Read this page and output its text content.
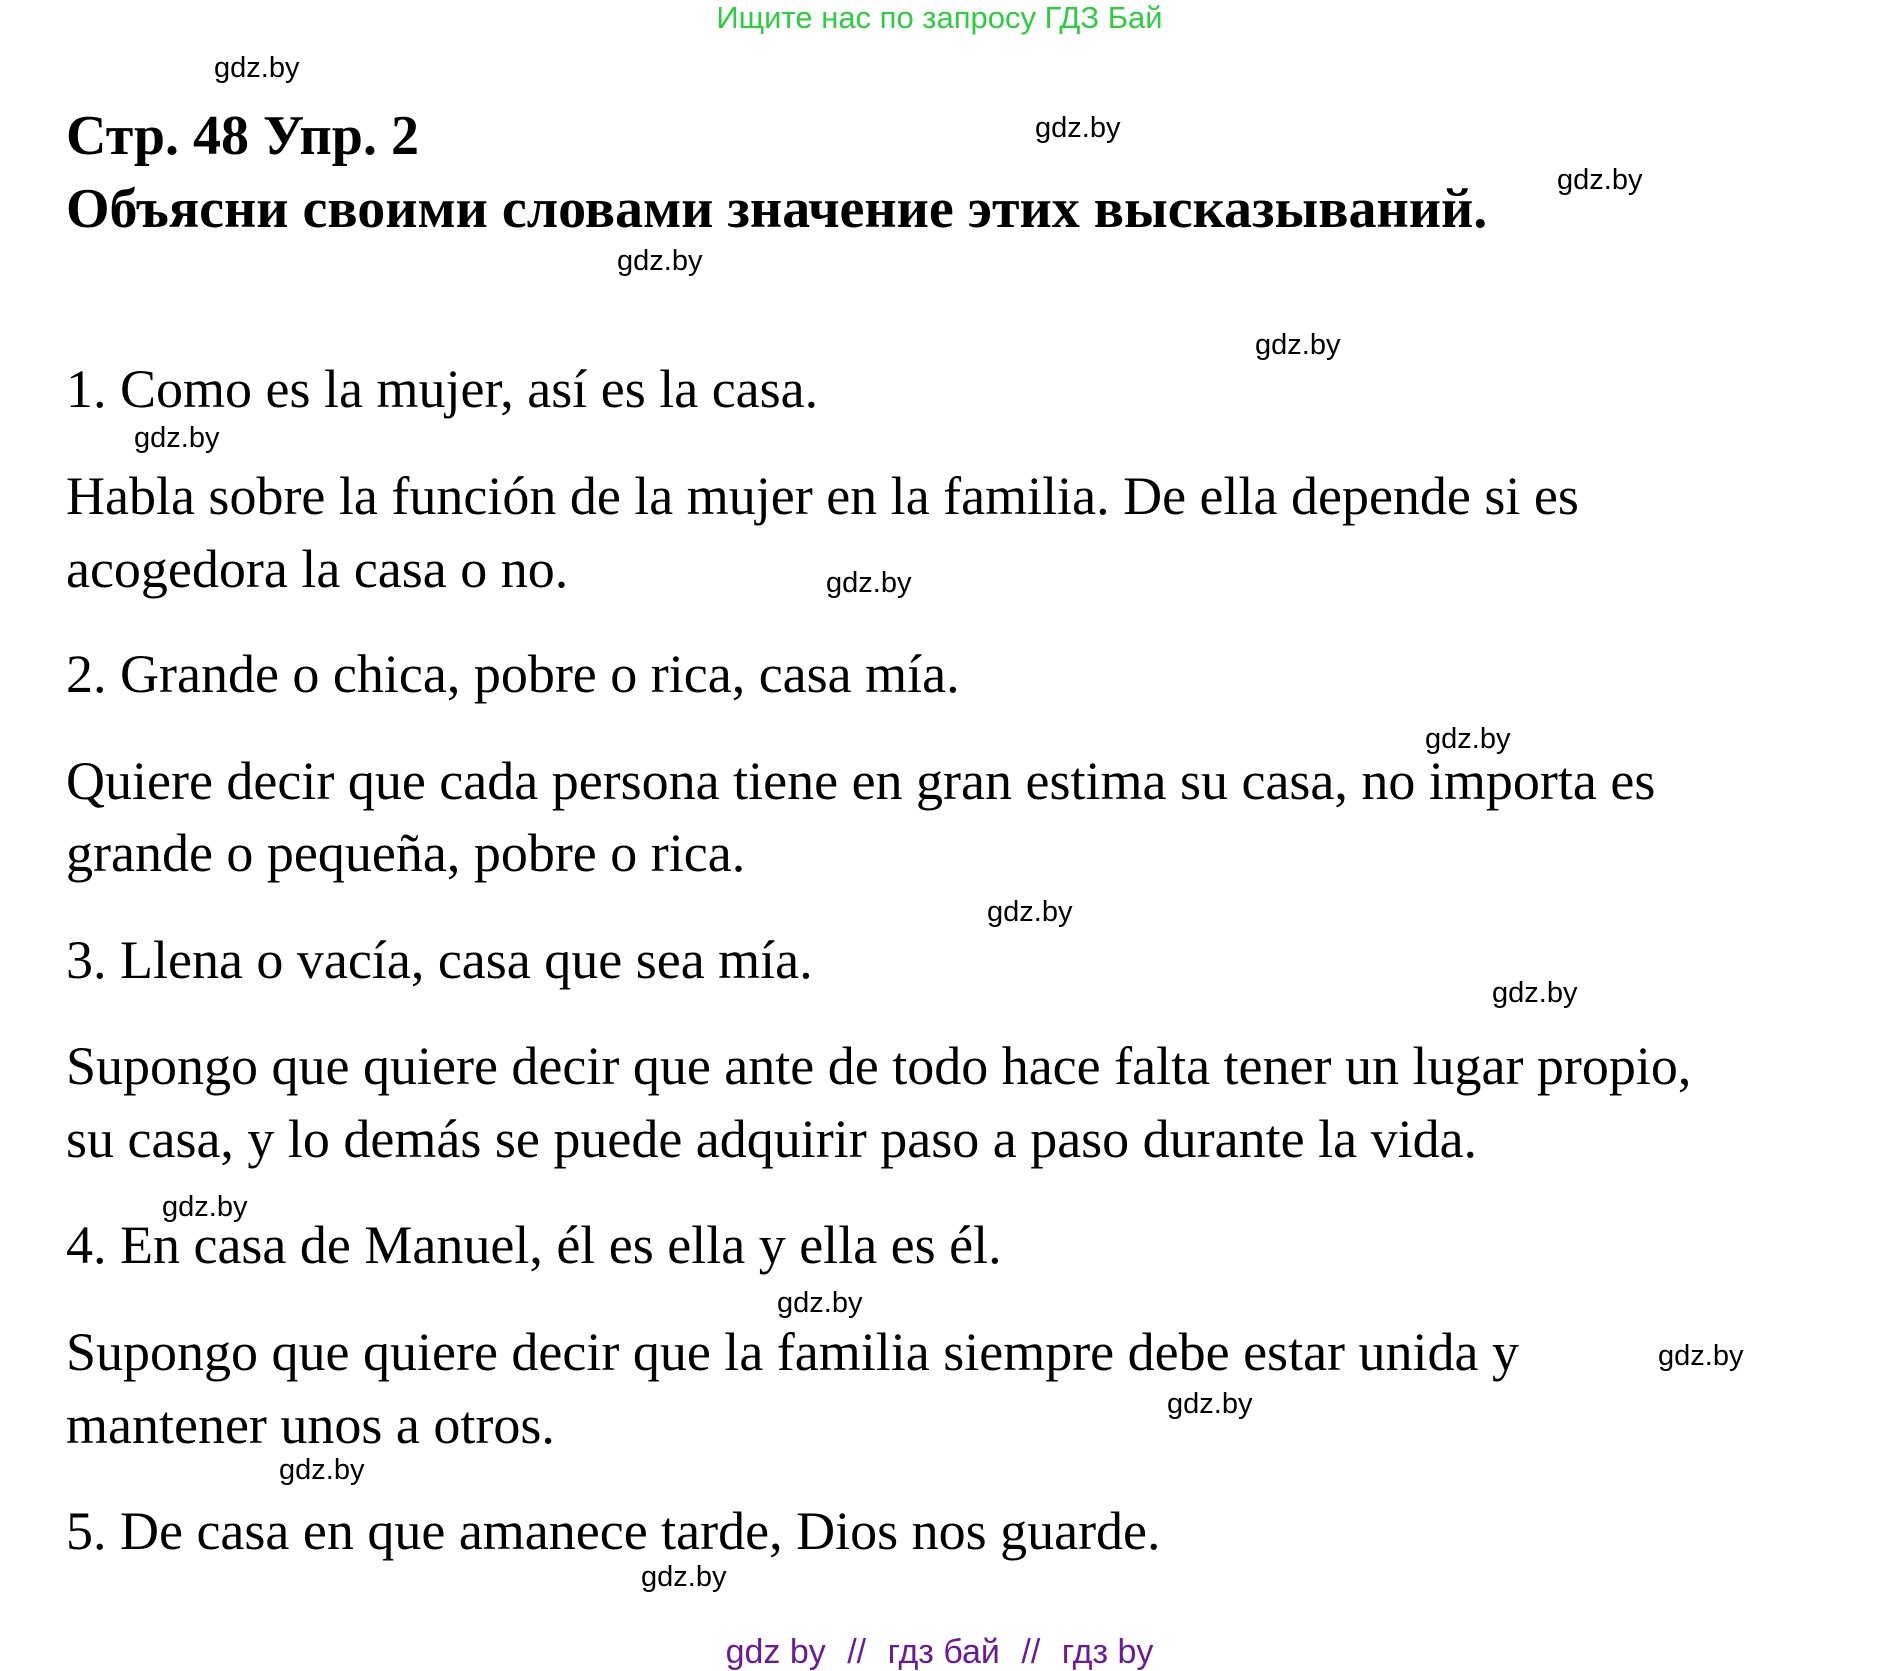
Ищите нас по запросу ГДЗ Бай
Стр. 48 Упр. 2
Объясни своими словами значение этих высказываний.

1. Como es la mujer, así es la casa.

Habla sobre la función de la mujer en la familia. De ella depende si es

acogedora la casa o no.

2. Grande o chica, pobre o rica, casa mía.

Quiere decir que cada persona tiene en gran estima su casa, no importa es

grande o pequeña, pobre o rica.

3. Llena o vacía, casa que sea mía.

Supongo que quiere decir que ante de todo hace falta tener un lugar propio,

su casa, y lo demás se puede adquirir paso a paso durante la vida.

4. En casa de Manuel, él es ella y ella es él.

Supongo que quiere decir que la familia siempre debe estar unida y

mantener unos a otros.

5. De casa en que amanece tarde, Dios nos guarde.

gdz.by
gdz.by
gdz.by
gdz.by
gdz.by
gdz.by
gdz.by
gdz.by
gdz.by
gdz.by
gdz.by
gdz.by
gdz.by
gdz.by
gdz.by
gdz.by
gdz by // гдз бай // гдз by
